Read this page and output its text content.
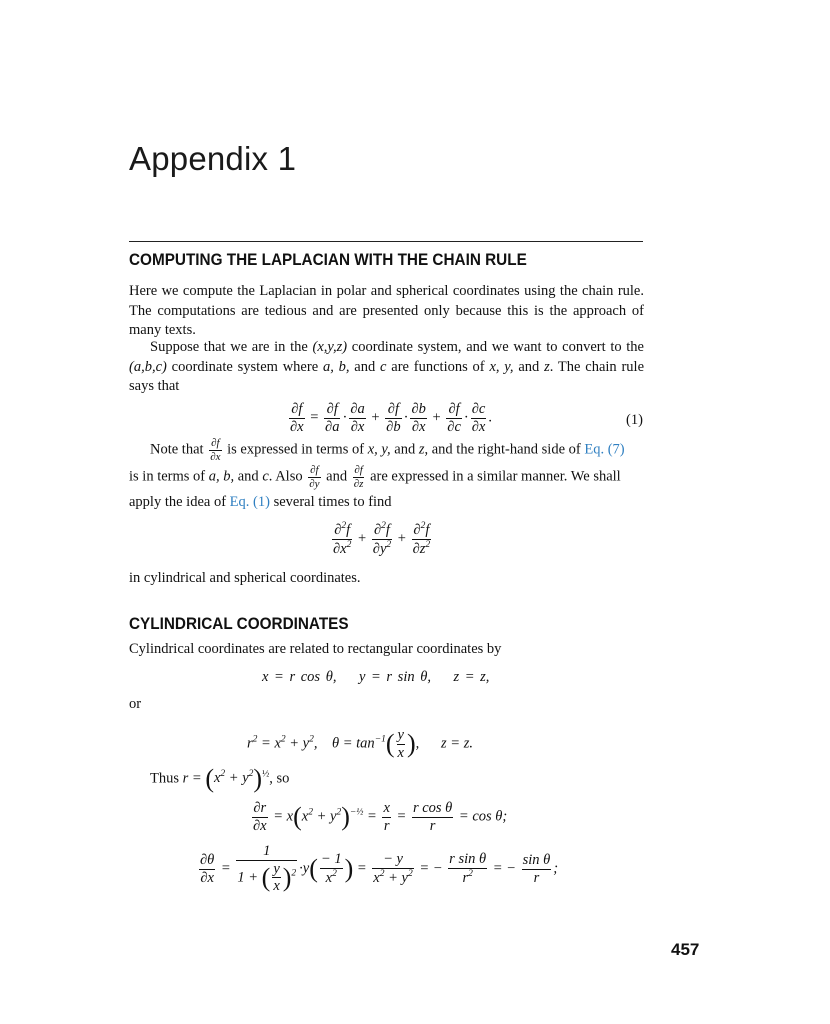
Appendix 1
COMPUTING THE LAPLACIAN WITH THE CHAIN RULE
Here we compute the Laplacian in polar and spherical coordinates using the chain rule. The computations are tedious and are presented only because this is the approach of many texts.
Suppose that we are in the (x,y,z) coordinate system, and we want to convert to the (a,b,c) coordinate system where a, b, and c are functions of x, y, and z. The chain rule says that
$\frac{\partial f}{\partial x} = \frac{\partial f}{\partial a} \cdot \frac{\partial a}{\partial x} + \frac{\partial f}{\partial b} \cdot \frac{\partial b}{\partial x} + \frac{\partial f}{\partial c} \cdot \frac{\partial c}{\partial x}$ .	(1)
Note that $\frac{\partial f}{\partial x}$ is expressed in terms of x, y, and z, and the right-hand side of Eq. (7)
is in terms of a, b, and c. Also $\frac{\partial f}{\partial y}$ and $\frac{\partial f}{\partial z}$ are expressed in a similar manner. We shall
apply the idea of Eq. (1) several times to find
$\frac{\partial^2f}{\partial x^2} + \frac{\partial^2f}{\partial y^2} + \frac{\partial^2f}{\partial z^2}$
in cylindrical and spherical coordinates.
CYLINDRICAL COORDINATES
Cylindrical coordinates are related to rectangular coordinates by
x = r cos θ,    y = r sin θ,    z = z,
or
$r^2 = x^2 + y^2$,    $\theta = \tan^{-1}( \frac{y}{x}$ ),      z = z.
Thus $r = (x^2 + y^2)^{\frac{1}{2}}$, so
$\frac{\partial r}{\partial x} = x(x^2 + y^2)^{-\frac{1}{2}} = \frac{x}{r} = \frac{\text{r cos θ}}{r} = \cos \theta$;
$\frac{\partial\theta}{\partial x} = \frac{1}{1 + ( \frac{y}{x} )^2} \cdot y( \frac{- 1}{x^2}$ ) = $\frac{- y}{x^2 + y^2}$ = − $\frac{\text{r sin θ}}{r^2}$ = − $\frac{\text{sin θ}}{r}$ ;
457
